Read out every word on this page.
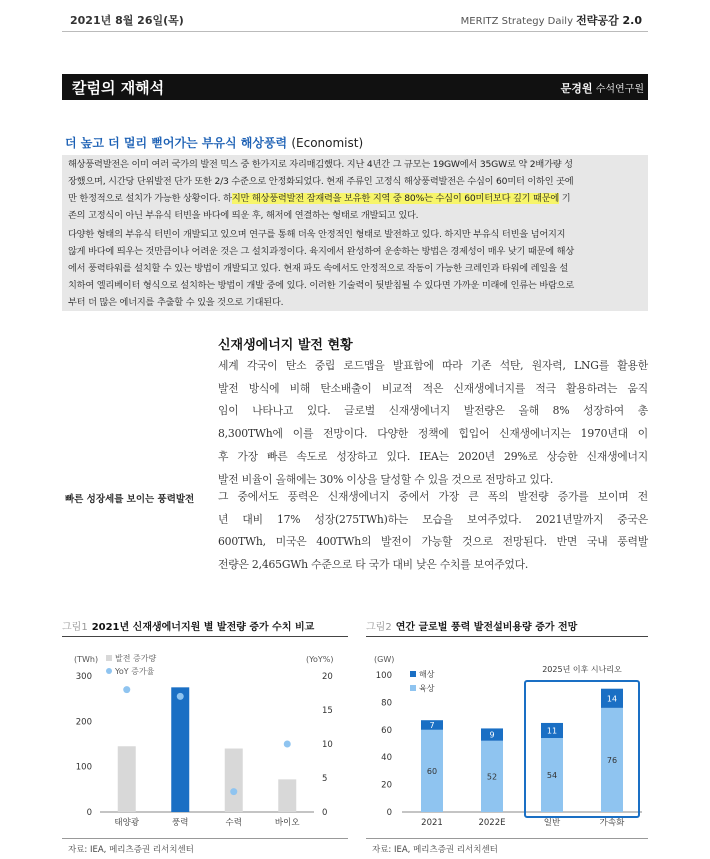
2021년 8월 26일(목)	MERITZ Strategy Daily 전략공감 2.0
칼럼의 재해석	문경원 수석연구원
더 높고 더 멀리 뻗어가는 부유식 해상풍력 (Economist)
해상풍력발전은 이미 여러 국가의 발전 믹스 중 한가지로 자리매김했다. 지난 4년간 그 규모는 19GW에서 35GW로 약 2배가량 성
장했으며, 시간당 단위발전 단가 또한 2/3 수준으로 안정화되었다. 현재 주류인 고정식 해상풍력발전은 수심이 60미터 이하인 곳에
만 한정적으로 설치가 가능한 상황이다. 하지만 해상풍력발전 잠재력을 보유한 지역 중 80%는 수심이 60미터보다 깊기 때문에 기
존의 고정식이 아닌 부유식 터빈을 바다에 띄운 후, 해저에 연결하는 형태로 개발되고 있다.
다양한 형태의 부유식 터빈이 개발되고 있으며 연구를 통해 더욱 안정적인 형태로 발전하고 있다. 하지만 부유식 터빈을 넘어지지
않게 바다에 띄우는 것만큼이나 어려운 것은 그 설치과정이다. 육지에서 완성하여 운송하는 방법은 경제성이 매우 낮기 때문에 해상
에서 풍력타워를 설치할 수 있는 방법이 개발되고 있다. 현재 파도 속에서도 안정적으로 작동이 가능한 크레인과 타워에 레일을 설
치하여 엘리베이터 형식으로 설치하는 방법이 개발 중에 있다. 이러한 기술력이 뒷받침될 수 있다면 가까운 미래에 인류는 바람으로
부터 더 많은 에너지를 추출할 수 있을 것으로 기대된다.
신재생에너지 발전 현황
세계 각국이 탄소 중립 로드맵을 발표함에 따라 기존 석탄, 원자력, LNG를 활용한
발전 방식에 비해 탄소배출이 비교적 적은 신재생에너지를 적극 활용하려는 움직
임이 나타나고 있다. 글로벌 신재생에너지 발전량은 올해 8% 성장하여 총
8,300TWh에 이를 전망이다. 다양한 정책에 힙입어 신재생에너지는 1970년대 이
후 가장 빠른 속도로 성장하고 있다. IEA는 2020년 29%로 상승한 신재생에너지
발전 비율이 올해에는 30% 이상을 달성할 수 있을 것으로 전망하고 있다.
빠른 성장세를 보이는 풍력발전 그 중에서도 풍력은 신재생에너지 중에서 가장 큰 폭의 발전량 증가를 보이며 전
년 대비 17% 성장(275TWh)하는 모습을 보여주었다. 2021년말까지 중국은
600TWh, 미국은 400TWh의 발전이 가능할 것으로 전망된다. 반면 국내 풍력발
전량은 2,465GWh 수준으로 타 국가 대비 낮은 수치를 보여주었다.
그림1 2021년 신재생에너지원 별 발전량 증가 수치 비교
(TWh)	(YoY%)
0
100
200
300
0
5
10
15
20
발전 증가량
YoY 증가율
태양광	풍력	수력	바이오
자료: IEA, 메리츠증권 리서치센터
그림2 연간 글로벌 풍력 발전설비용량 증가 전망
(GW)
0
20
40
60
80
100	해상
육상
60
7
2021
52
9
2022E
54
11
일반
76
14
가속화
2025년 이후 시나리오
자료: IEA, 메리츠증권 리서치센터
